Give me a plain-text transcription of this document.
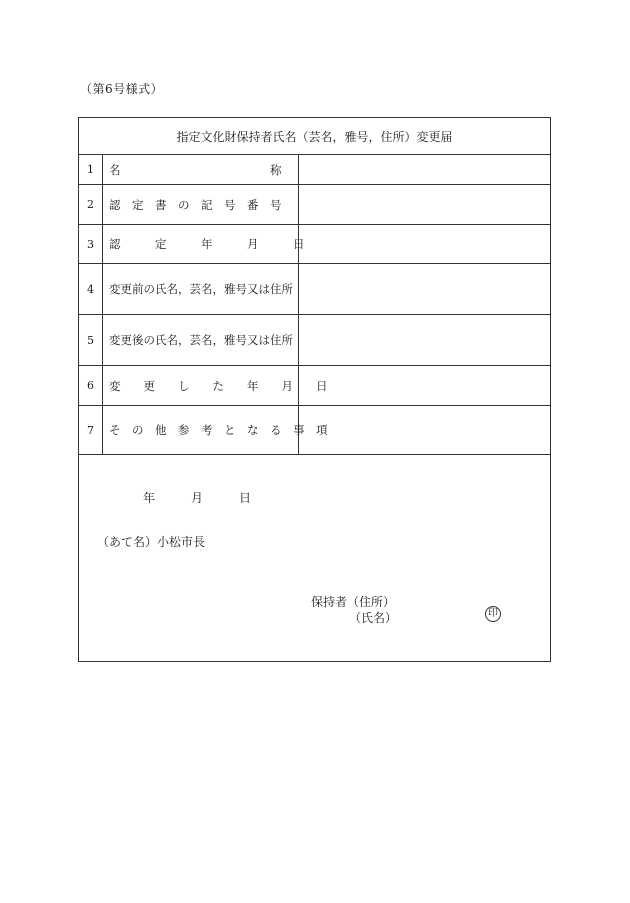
（第6号様式）
指定文化財保持者氏名（芸名，雅号，住所）変更届
1	名　　　　　　　　　　　　　称
2	認　定　書　の　記　号　番　号
3	認　　　定　　　年　　　月　　　日
4	変更前の氏名，芸名，雅号又は住所
5	変更後の氏名，芸名，雅号又は住所
6	変　　更　　し　　た　　年　　月　　日
7	そ　の　他　参　考　と　な　る　事　項
年　　　月　　　日
（あて名）小松市長
保持者（住所）
（氏名）	印
